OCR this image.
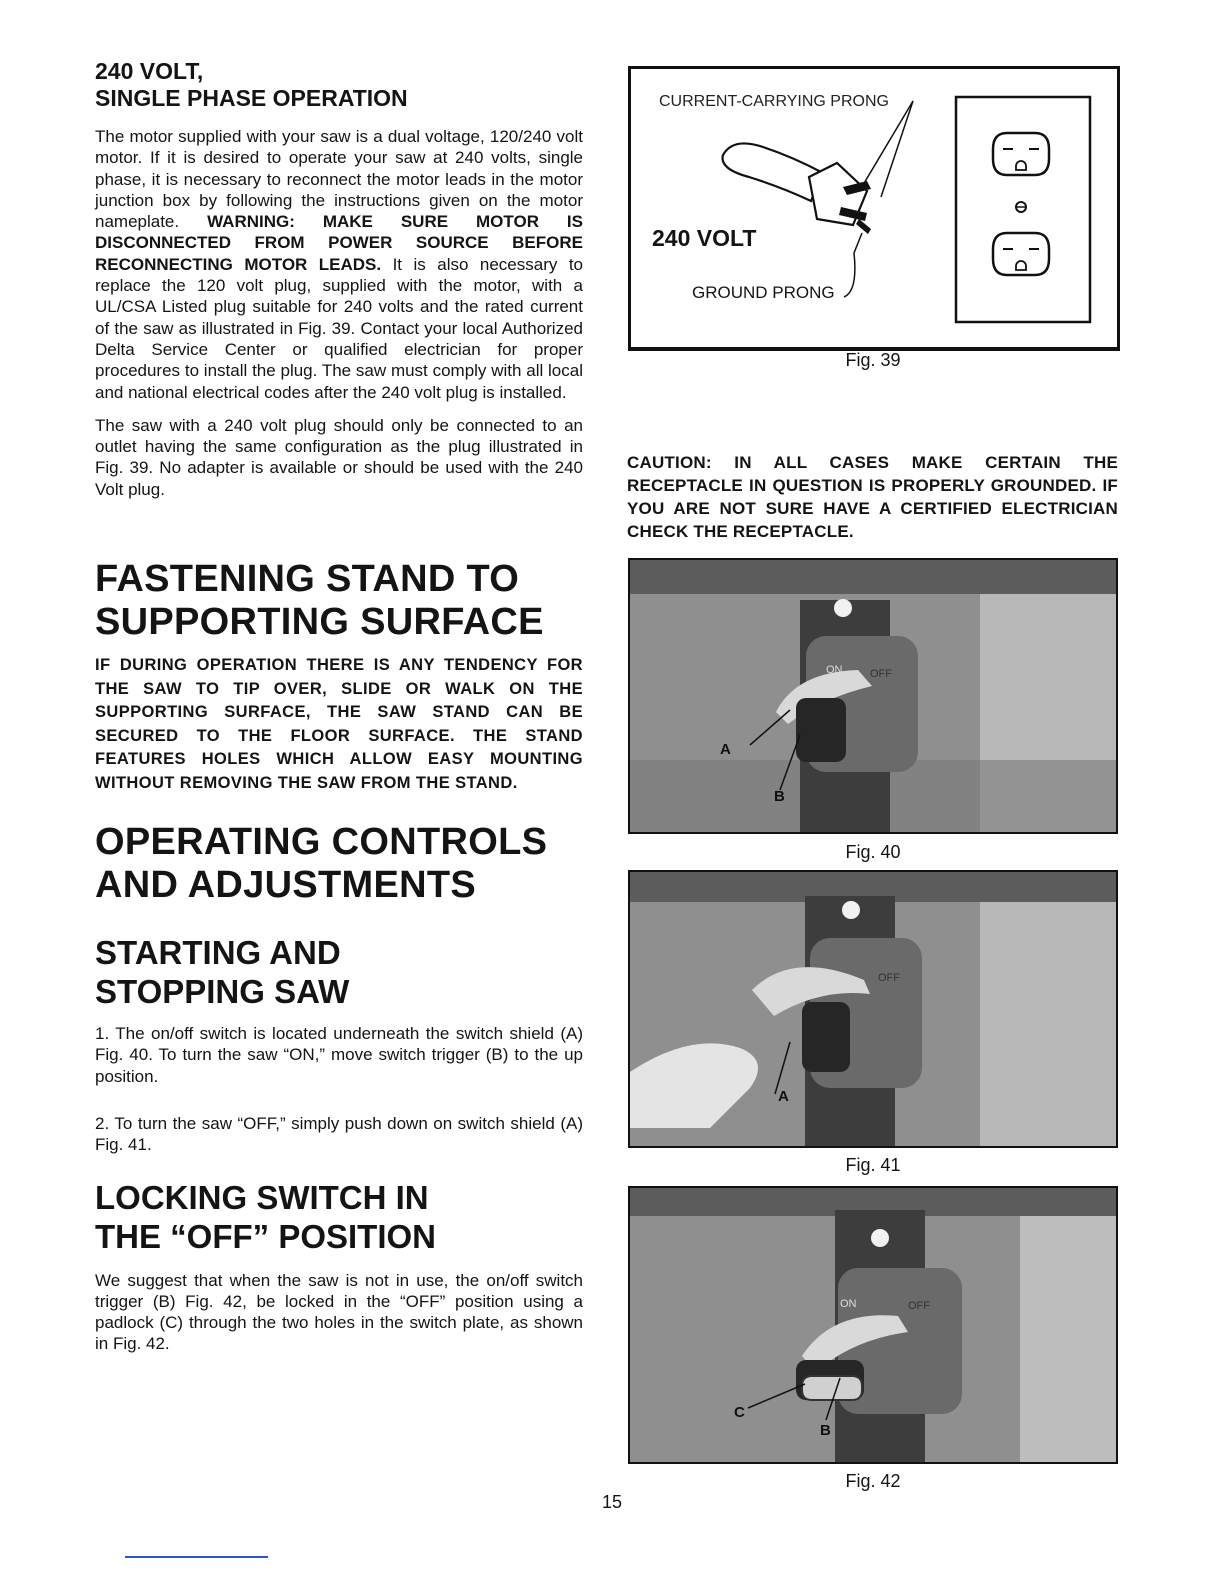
240 VOLT,

SINGLE PHASE OPERATION

The motor supplied with your saw is a dual voltage, 120/240 volt motor. If it is desired to operate your saw at 240 volts, single phase, it is necessary to reconnect the motor leads in the motor junction box by following the instructions given on the motor nameplate. WARNING: MAKE SURE MOTOR IS DISCONNECTED FROM POWER SOURCE BEFORE RECONNECTING MOTOR LEADS. It is also necessary to replace the 120 volt plug, supplied with the motor, with a UL/CSA Listed plug suitable for 240 volts and the rated current of the saw as illustrated in Fig. 39. Contact your local Authorized Delta Service Center or qualified electrician for proper procedures to install the plug. The saw must comply with all local and national electrical codes after the 240 volt plug is installed.

The saw with a 240 volt plug should only be connected to an outlet having the same configuration as the plug illustrated in Fig. 39. No adapter is available or should be used with the 240 Volt plug.

FASTENING STAND TO

SUPPORTING SURFACE

IF DURING OPERATION THERE IS ANY TENDENCY FOR THE SAW TO TIP OVER, SLIDE OR WALK ON THE SUPPORTING SURFACE, THE SAW STAND CAN BE SECURED TO THE FLOOR SURFACE. THE STAND FEATURES HOLES WHICH ALLOW EASY MOUNTING WITHOUT REMOVING THE SAW FROM THE STAND.

OPERATING CONTROLS

AND ADJUSTMENTS

STARTING AND

STOPPING SAW

1. The on/off switch is located underneath the switch shield (A) Fig. 40. To turn the saw “ON,” move switch trigger (B) to the up position.

2. To turn the saw “OFF,” simply push down on switch shield (A) Fig. 41.

LOCKING SWITCH IN

THE “OFF” POSITION

We suggest that when the saw is not in use, the on/off switch trigger (B) Fig. 42, be locked in the “OFF” position using a padlock (C) through the two holes in the switch plate, as shown in Fig. 42.

CURRENT-CARRYING PRONG
240 VOLT
GROUND PRONG

Fig. 39

CAUTION: IN ALL CASES MAKE CERTAIN THE RECEPTACLE IN QUESTION IS PROPERLY GROUNDED. IF YOU ARE NOT SURE HAVE A CERTIFIED ELECTRICIAN CHECK THE RECEPTACLE.

ON	OFF
A
B

Fig. 40

OFF
A

Fig. 41

ON	OFF
C
B

Fig. 42

15
